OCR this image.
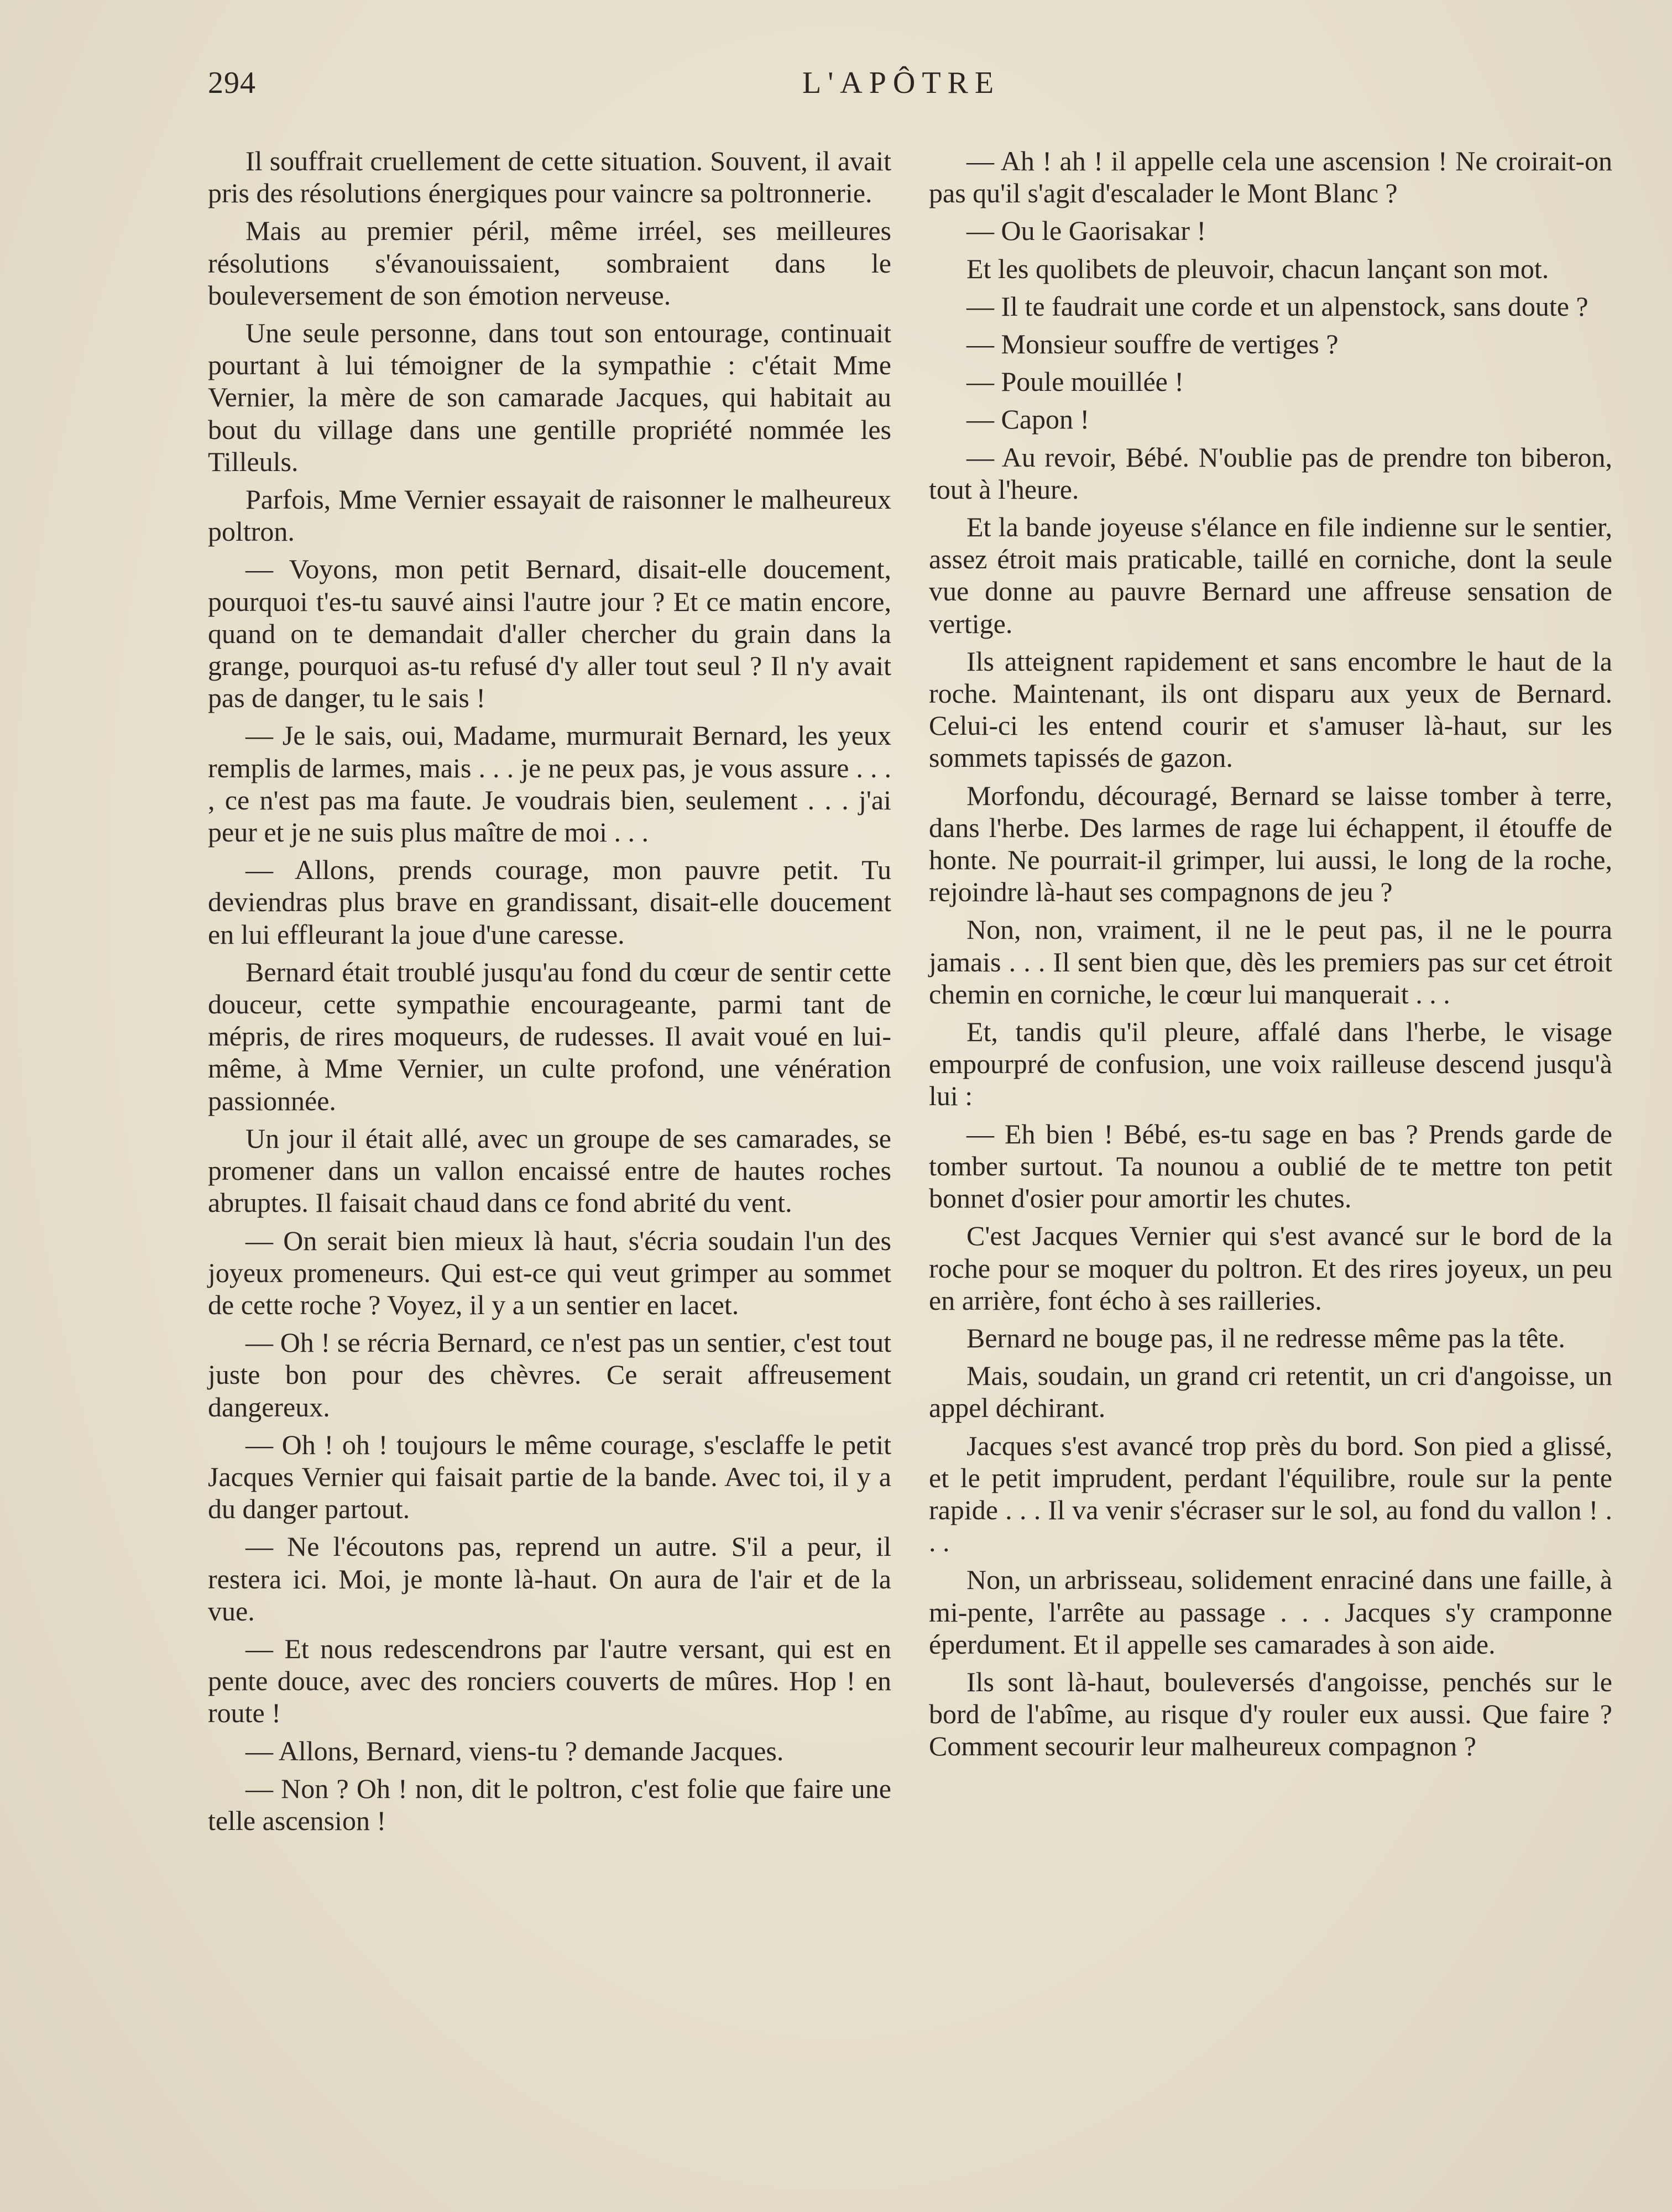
294	L'APÔTRE

Il souffrait cruellement de cette situation. Souvent, il avait pris des résolutions énergiques pour vaincre sa poltronnerie.

Mais au premier péril, même irréel, ses meilleures résolutions s'évanouissaient, sombraient dans le bouleversement de son émotion nerveuse.

Une seule personne, dans tout son entourage, continuait pourtant à lui témoigner de la sympathie : c'était Mme Vernier, la mère de son camarade Jacques, qui habitait au bout du village dans une gentille propriété nommée les Tilleuls.

Parfois, Mme Vernier essayait de raisonner le malheureux poltron.

— Voyons, mon petit Bernard, disait-elle doucement, pourquoi t'es-tu sauvé ainsi l'autre jour ? Et ce matin encore, quand on te demandait d'aller chercher du grain dans la grange, pourquoi as-tu refusé d'y aller tout seul ? Il n'y avait pas de danger, tu le sais !

— Je le sais, oui, Madame, murmurait Bernard, les yeux remplis de larmes, mais . . . je ne peux pas, je vous assure . . . , ce n'est pas ma faute. Je voudrais bien, seulement . . . j'ai peur et je ne suis plus maître de moi . . .

— Allons, prends courage, mon pauvre petit. Tu deviendras plus brave en grandissant, disait-elle doucement en lui effleurant la joue d'une caresse.

Bernard était troublé jusqu'au fond du cœur de sentir cette douceur, cette sympathie encourageante, parmi tant de mépris, de rires moqueurs, de rudesses. Il avait voué en lui-même, à Mme Vernier, un culte profond, une vénération passionnée.

Un jour il était allé, avec un groupe de ses camarades, se promener dans un vallon encaissé entre de hautes roches abruptes. Il faisait chaud dans ce fond abrité du vent.

— On serait bien mieux là haut, s'écria soudain l'un des joyeux promeneurs. Qui est-ce qui veut grimper au sommet de cette roche ? Voyez, il y a un sentier en lacet.

— Oh ! se récria Bernard, ce n'est pas un sentier, c'est tout juste bon pour des chèvres. Ce serait affreusement dangereux.

— Oh ! oh ! toujours le même courage, s'esclaffe le petit Jacques Vernier qui faisait partie de la bande. Avec toi, il y a du danger partout.

— Ne l'écoutons pas, reprend un autre. S'il a peur, il restera ici. Moi, je monte là-haut. On aura de l'air et de la vue.

— Et nous redescendrons par l'autre versant, qui est en pente douce, avec des ronciers couverts de mûres. Hop ! en route !

— Allons, Bernard, viens-tu ? demande Jacques.

— Non ? Oh ! non, dit le poltron, c'est folie que faire une telle ascension !

— Ah ! ah ! il appelle cela une ascension ! Ne croirait-on pas qu'il s'agit d'escalader le Mont Blanc ?

— Ou le Gaorisakar !

Et les quolibets de pleuvoir, chacun lançant son mot.

— Il te faudrait une corde et un alpenstock, sans doute ?

— Monsieur souffre de vertiges ?

— Poule mouillée !

— Capon !

— Au revoir, Bébé. N'oublie pas de prendre ton biberon, tout à l'heure.

Et la bande joyeuse s'élance en file indienne sur le sentier, assez étroit mais praticable, taillé en corniche, dont la seule vue donne au pauvre Bernard une affreuse sensation de vertige.

Ils atteignent rapidement et sans encombre le haut de la roche. Maintenant, ils ont disparu aux yeux de Bernard. Celui-ci les entend courir et s'amuser là-haut, sur les sommets tapissés de gazon.

Morfondu, découragé, Bernard se laisse tomber à terre, dans l'herbe. Des larmes de rage lui échappent, il étouffe de honte. Ne pourrait-il grimper, lui aussi, le long de la roche, rejoindre là-haut ses compagnons de jeu ?

Non, non, vraiment, il ne le peut pas, il ne le pourra jamais . . . Il sent bien que, dès les premiers pas sur cet étroit chemin en corniche, le cœur lui manquerait . . .

Et, tandis qu'il pleure, affalé dans l'herbe, le visage empourpré de confusion, une voix railleuse descend jusqu'à lui :

— Eh bien ! Bébé, es-tu sage en bas ? Prends garde de tomber surtout. Ta nounou a oublié de te mettre ton petit bonnet d'osier pour amortir les chutes.

C'est Jacques Vernier qui s'est avancé sur le bord de la roche pour se moquer du poltron. Et des rires joyeux, un peu en arrière, font écho à ses railleries.

Bernard ne bouge pas, il ne redresse même pas la tête.

Mais, soudain, un grand cri retentit, un cri d'angoisse, un appel déchirant.

Jacques s'est avancé trop près du bord. Son pied a glissé, et le petit imprudent, perdant l'équilibre, roule sur la pente rapide . . . Il va venir s'écraser sur le sol, au fond du vallon ! . . .

Non, un arbrisseau, solidement enraciné dans une faille, à mi-pente, l'arrête au passage . . . Jacques s'y cramponne éperdument. Et il appelle ses camarades à son aide.

Ils sont là-haut, bouleversés d'angoisse, penchés sur le bord de l'abîme, au risque d'y rouler eux aussi. Que faire ? Comment secourir leur malheureux compagnon ?
